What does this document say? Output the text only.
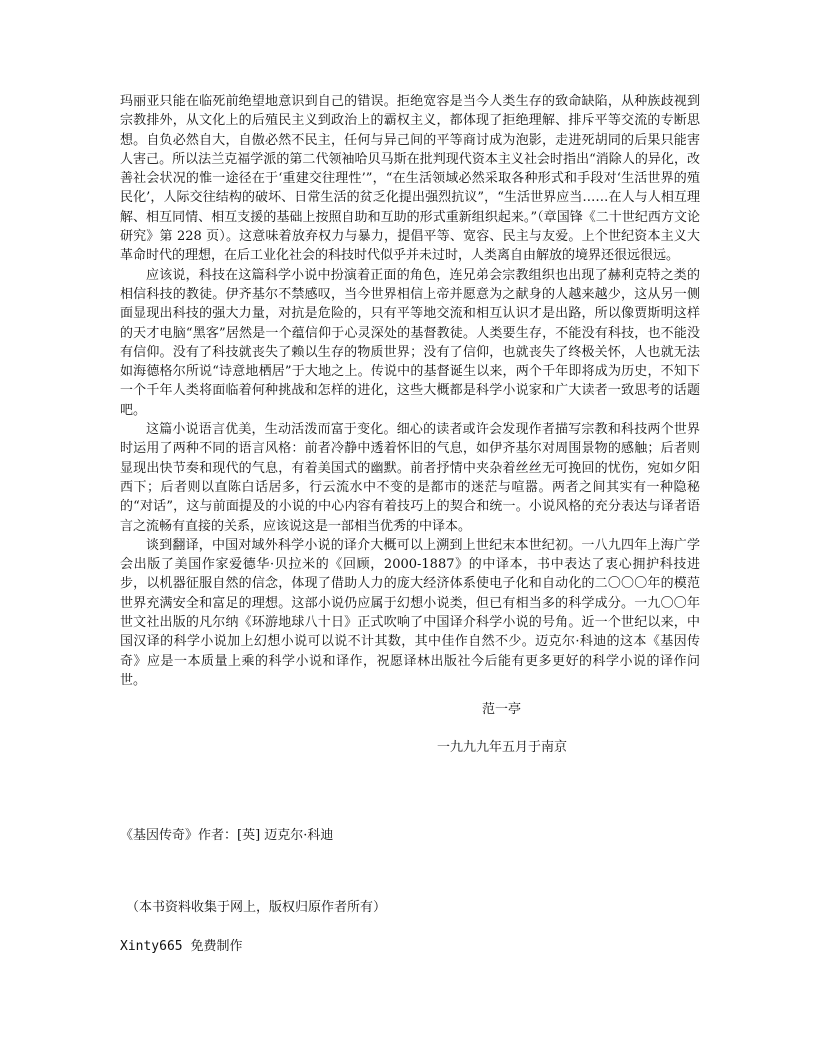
玛丽亚只能在临死前绝望地意识到自己的错误。拒绝宽容是当今人类生存的致命缺陷，从种族歧视到宗教排外，从文化上的后殖民主义到政治上的霸权主义，都体现了拒绝理解、排斥平等交流的专断思想。自负必然自大，自傲必然不民主，任何与异己间的平等商讨成为泡影，走进死胡同的后果只能害人害己。所以法兰克福学派的第二代领袖哈贝马斯在批判现代资本主义社会时指出“消除人的异化，改善社会状况的惟一途径在于‘重建交往理性’”，“在生活领域必然采取各种形式和手段对‘生活世界的殖民化’，人际交往结构的破坏、日常生活的贫乏化提出强烈抗议”，“生活世界应当……在人与人相互理解、相互同情、相互支援的基础上按照自助和互助的形式重新组织起来。”（章国锋《二十世纪西方文论研究》第 228 页）。这意味着放弃权力与暴力，提倡平等、宽容、民主与友爱。上个世纪资本主义大革命时代的理想，在后工业化社会的科技时代似乎并未过时，人类离自由解放的境界还很远很远。

应该说，科技在这篇科学小说中扮演着正面的角色，连兄弟会宗教组织也出现了赫利克特之类的相信科技的教徒。伊齐基尔不禁感叹，当今世界相信上帝并愿意为之献身的人越来越少，这从另一侧面显现出科技的强大力量，对抗是危险的，只有平等地交流和相互认识才是出路，所以像贾斯明这样的天才电脑“黑客”居然是一个蕴信仰于心灵深处的基督教徒。人类要生存，不能没有科技，也不能没有信仰。没有了科技就丧失了赖以生存的物质世界；没有了信仰，也就丧失了终极关怀，人也就无法如海德格尔所说“诗意地栖居”于大地之上。传说中的基督诞生以来，两个千年即将成为历史，不知下一个千年人类将面临着何种挑战和怎样的进化，这些大概都是科学小说家和广大读者一致思考的话题吧。

这篇小说语言优美，生动活泼而富于变化。细心的读者或许会发现作者描写宗教和科技两个世界时运用了两种不同的语言风格：前者冷静中透着怀旧的气息，如伊齐基尔对周围景物的感触；后者则显现出快节奏和现代的气息，有着美国式的幽默。前者抒情中夹杂着丝丝无可挽回的忧伤，宛如夕阳西下；后者则以直陈白话居多，行云流水中不变的是都市的迷茫与喧嚣。两者之间其实有一种隐秘的“对话”，这与前面提及的小说的中心内容有着技巧上的契合和统一。小说风格的充分表达与译者语言之流畅有直接的关系，应该说这是一部相当优秀的中译本。

谈到翻译，中国对域外科学小说的译介大概可以上溯到上世纪末本世纪初。一八九四年上海广学会出版了美国作家爱德华·贝拉米的《回顾，2000-1887》的中译本，书中表达了衷心拥护科技进步，以机器征服自然的信念，体现了借助人力的庞大经济体系使电子化和自动化的二〇〇〇年的模范世界充满安全和富足的理想。这部小说仍应属于幻想小说类，但已有相当多的科学成分。一九〇〇年世文社出版的凡尔纳《环游地球八十日》正式吹响了中国译介科学小说的号角。近一个世纪以来，中国汉译的科学小说加上幻想小说可以说不计其数，其中佳作自然不少。迈克尔·科迪的这本《基因传奇》应是一本质量上乘的科学小说和译作，祝愿译林出版社今后能有更多更好的科学小说的译作问世。

范一亭
一九九九年五月于南京
《基因传奇》作者：[英] 迈克尔·科迪
（本书资料收集于网上，版权归原作者所有）
Xinty665 免费制作
